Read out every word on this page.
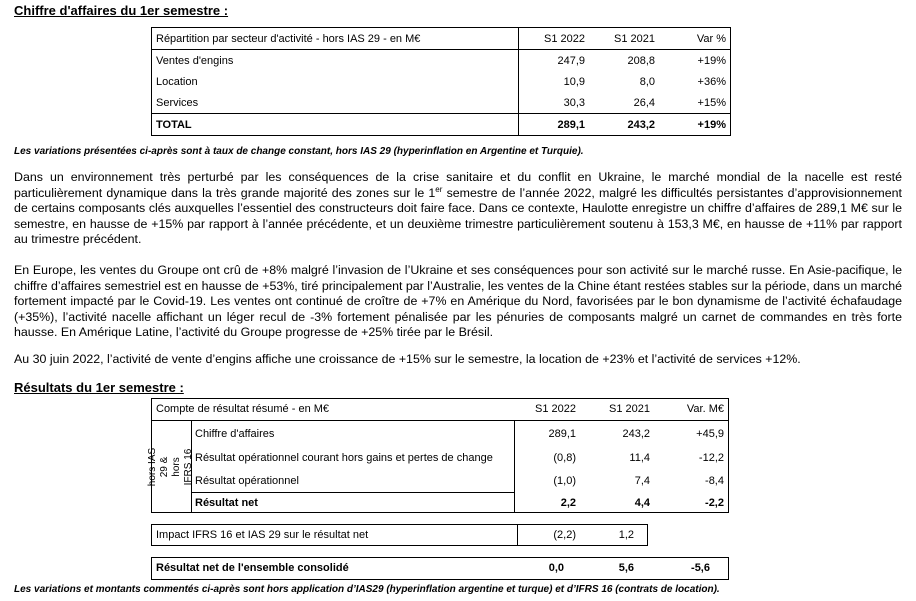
Chiffre d'affaires du 1er semestre :
Répartition par secteur d'activité - hors IAS 29 - en M€	S1 2022	S1 2021	Var %
Ventes d'engins	247,9	208,8	+19%
Location	10,9	8,0	+36%
Services	30,3	26,4	+15%
TOTAL	289,1	243,2	+19%
Les variations présentées ci-après sont à taux de change constant, hors IAS 29 (hyperinflation en Argentine et Turquie).
Dans un environnement très perturbé par les conséquences de la crise sanitaire et du conflit en Ukraine, le marché mondial de la nacelle est resté particulièrement dynamique dans la très grande majorité des zones sur le 1er semestre de l’année 2022, malgré les difficultés persistantes d’approvisionnement de certains composants clés auxquelles l’essentiel des constructeurs doit faire face. Dans ce contexte, Haulotte enregistre un chiffre d’affaires de 289,1 M€ sur le semestre, en hausse de +15% par rapport à l’année précédente, et un deuxième trimestre particulièrement soutenu à 153,3 M€, en hausse de +11% par rapport au trimestre précédent.
En Europe, les ventes du Groupe ont crû de +8% malgré l’invasion de l’Ukraine et ses conséquences pour son activité sur le marché russe. En Asie-pacifique, le chiffre d’affaires semestriel est en hausse de +53%, tiré principalement par l’Australie, les ventes de la Chine étant restées stables sur la période, dans un marché fortement impacté par le Covid-19. Les ventes ont continué de croître de +7% en Amérique du Nord, favorisées par le bon dynamisme de l’activité échafaudage (+35%), l’activité nacelle affichant un léger recul de -3% fortement pénalisée par les pénuries de composants malgré un carnet de commandes en très forte hausse. En Amérique Latine, l’activité du Groupe progresse de +25% tirée par le Brésil.
Au 30 juin 2022, l’activité de vente d’engins affiche une croissance de +15% sur le semestre, la location de +23% et l’activité de services +12%.
Résultats du 1er semestre :
Compte de résultat résumé - en M€	S1 2022	S1 2021	Var. M€
hors IAS 29 & hors IFRS 16
Chiffre d'affaires	289,1	243,2	+45,9
Résultat opérationnel courant hors gains et pertes de change	(0,8)	11,4	-12,2
Résultat opérationnel	(1,0)	7,4	-8,4
Résultat net	2,2	4,4	-2,2
Impact IFRS 16 et IAS 29 sur le résultat net	(2,2)	1,2
Résultat net de l'ensemble consolidé	0,0	5,6	-5,6
Les variations et montants commentés ci-après sont hors application d’IAS29 (hyperinflation argentine et turque) et d’IFRS 16 (contrats de location).
